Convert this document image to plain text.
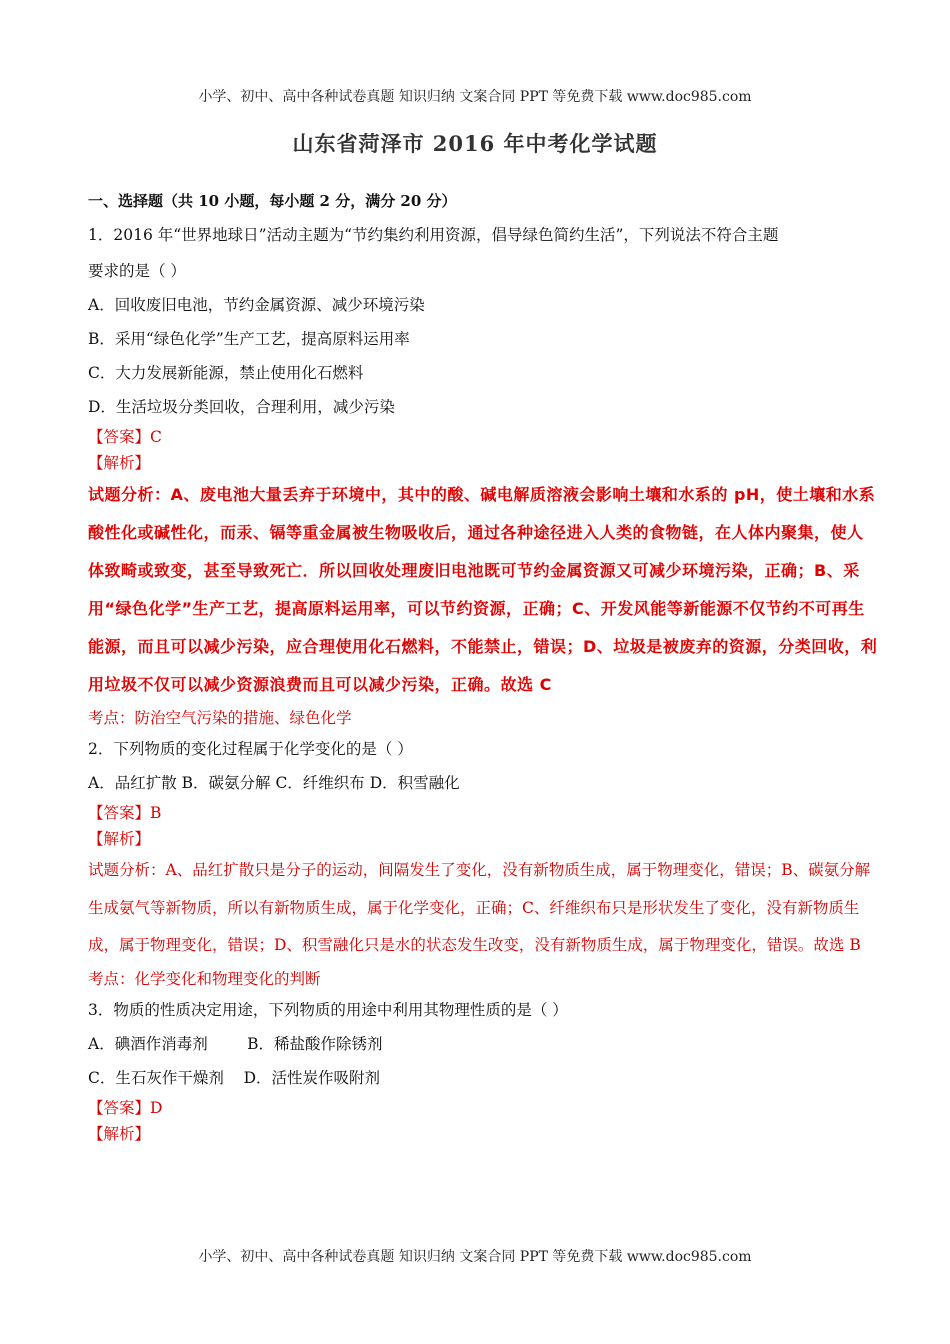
小学、初中、高中各种试卷真题 知识归纳 文案合同 PPT 等免费下载 www.doc985.com
山东省菏泽市 2016 年中考化学试题
一、选择题（共 10 小题，每小题 2 分，满分 20 分）
1．2016 年“世界地球日”活动主题为“节约集约利用资源，倡导绿色简约生活”，下列说法不符合主题
要求的是（ ）
A．回收废旧电池，节约金属资源、减少环境污染
B．采用“绿色化学”生产工艺，提高原料运用率
C．大力发展新能源，禁止使用化石燃料
D．生活垃圾分类回收，合理利用，减少污染
【答案】C
【解析】
试题分析：A、废电池大量丢弃于环境中，其中的酸、碱电解质溶液会影响土壤和水系的 pH，使土壤和水系酸性化或碱性化，而汞、镉等重金属被生物吸收后，通过各种途径进入人类的食物链，在人体内聚集，使人体致畸或致变，甚至导致死亡．所以回收处理废旧电池既可节约金属资源又可减少环境污染，正确；B、采用“绿色化学”生产工艺，提高原料运用率，可以节约资源，正确；C、开发风能等新能源不仅节约不可再生能源，而且可以减少污染，应合理使用化石燃料，不能禁止，错误；D、垃圾是被废弃的资源，分类回收，利用垃圾不仅可以减少资源浪费而且可以减少污染，正确。故选 C
考点：防治空气污染的措施、绿色化学
2．下列物质的变化过程属于化学变化的是（ ）
A．品红扩散 B．碳氨分解 C．纤维织布 D．积雪融化
【答案】B
【解析】
试题分析：A、品红扩散只是分子的运动，间隔发生了变化，没有新物质生成，属于物理变化，错误；B、碳氨分解生成氨气等新物质，所以有新物质生成，属于化学变化，正确；C、纤维织布只是形状发生了变化，没有新物质生成，属于物理变化，错误；D、积雪融化只是水的状态发生改变，没有新物质生成，属于物理变化，错误。故选 B
考点：化学变化和物理变化的判断
3．物质的性质决定用途，下列物质的用途中利用其物理性质的是（ ）
A．碘酒作消毒剂        B．稀盐酸作除锈剂
C．生石灰作干燥剂    D．活性炭作吸附剂
【答案】D
【解析】
小学、初中、高中各种试卷真题 知识归纳 文案合同 PPT 等免费下载 www.doc985.com
